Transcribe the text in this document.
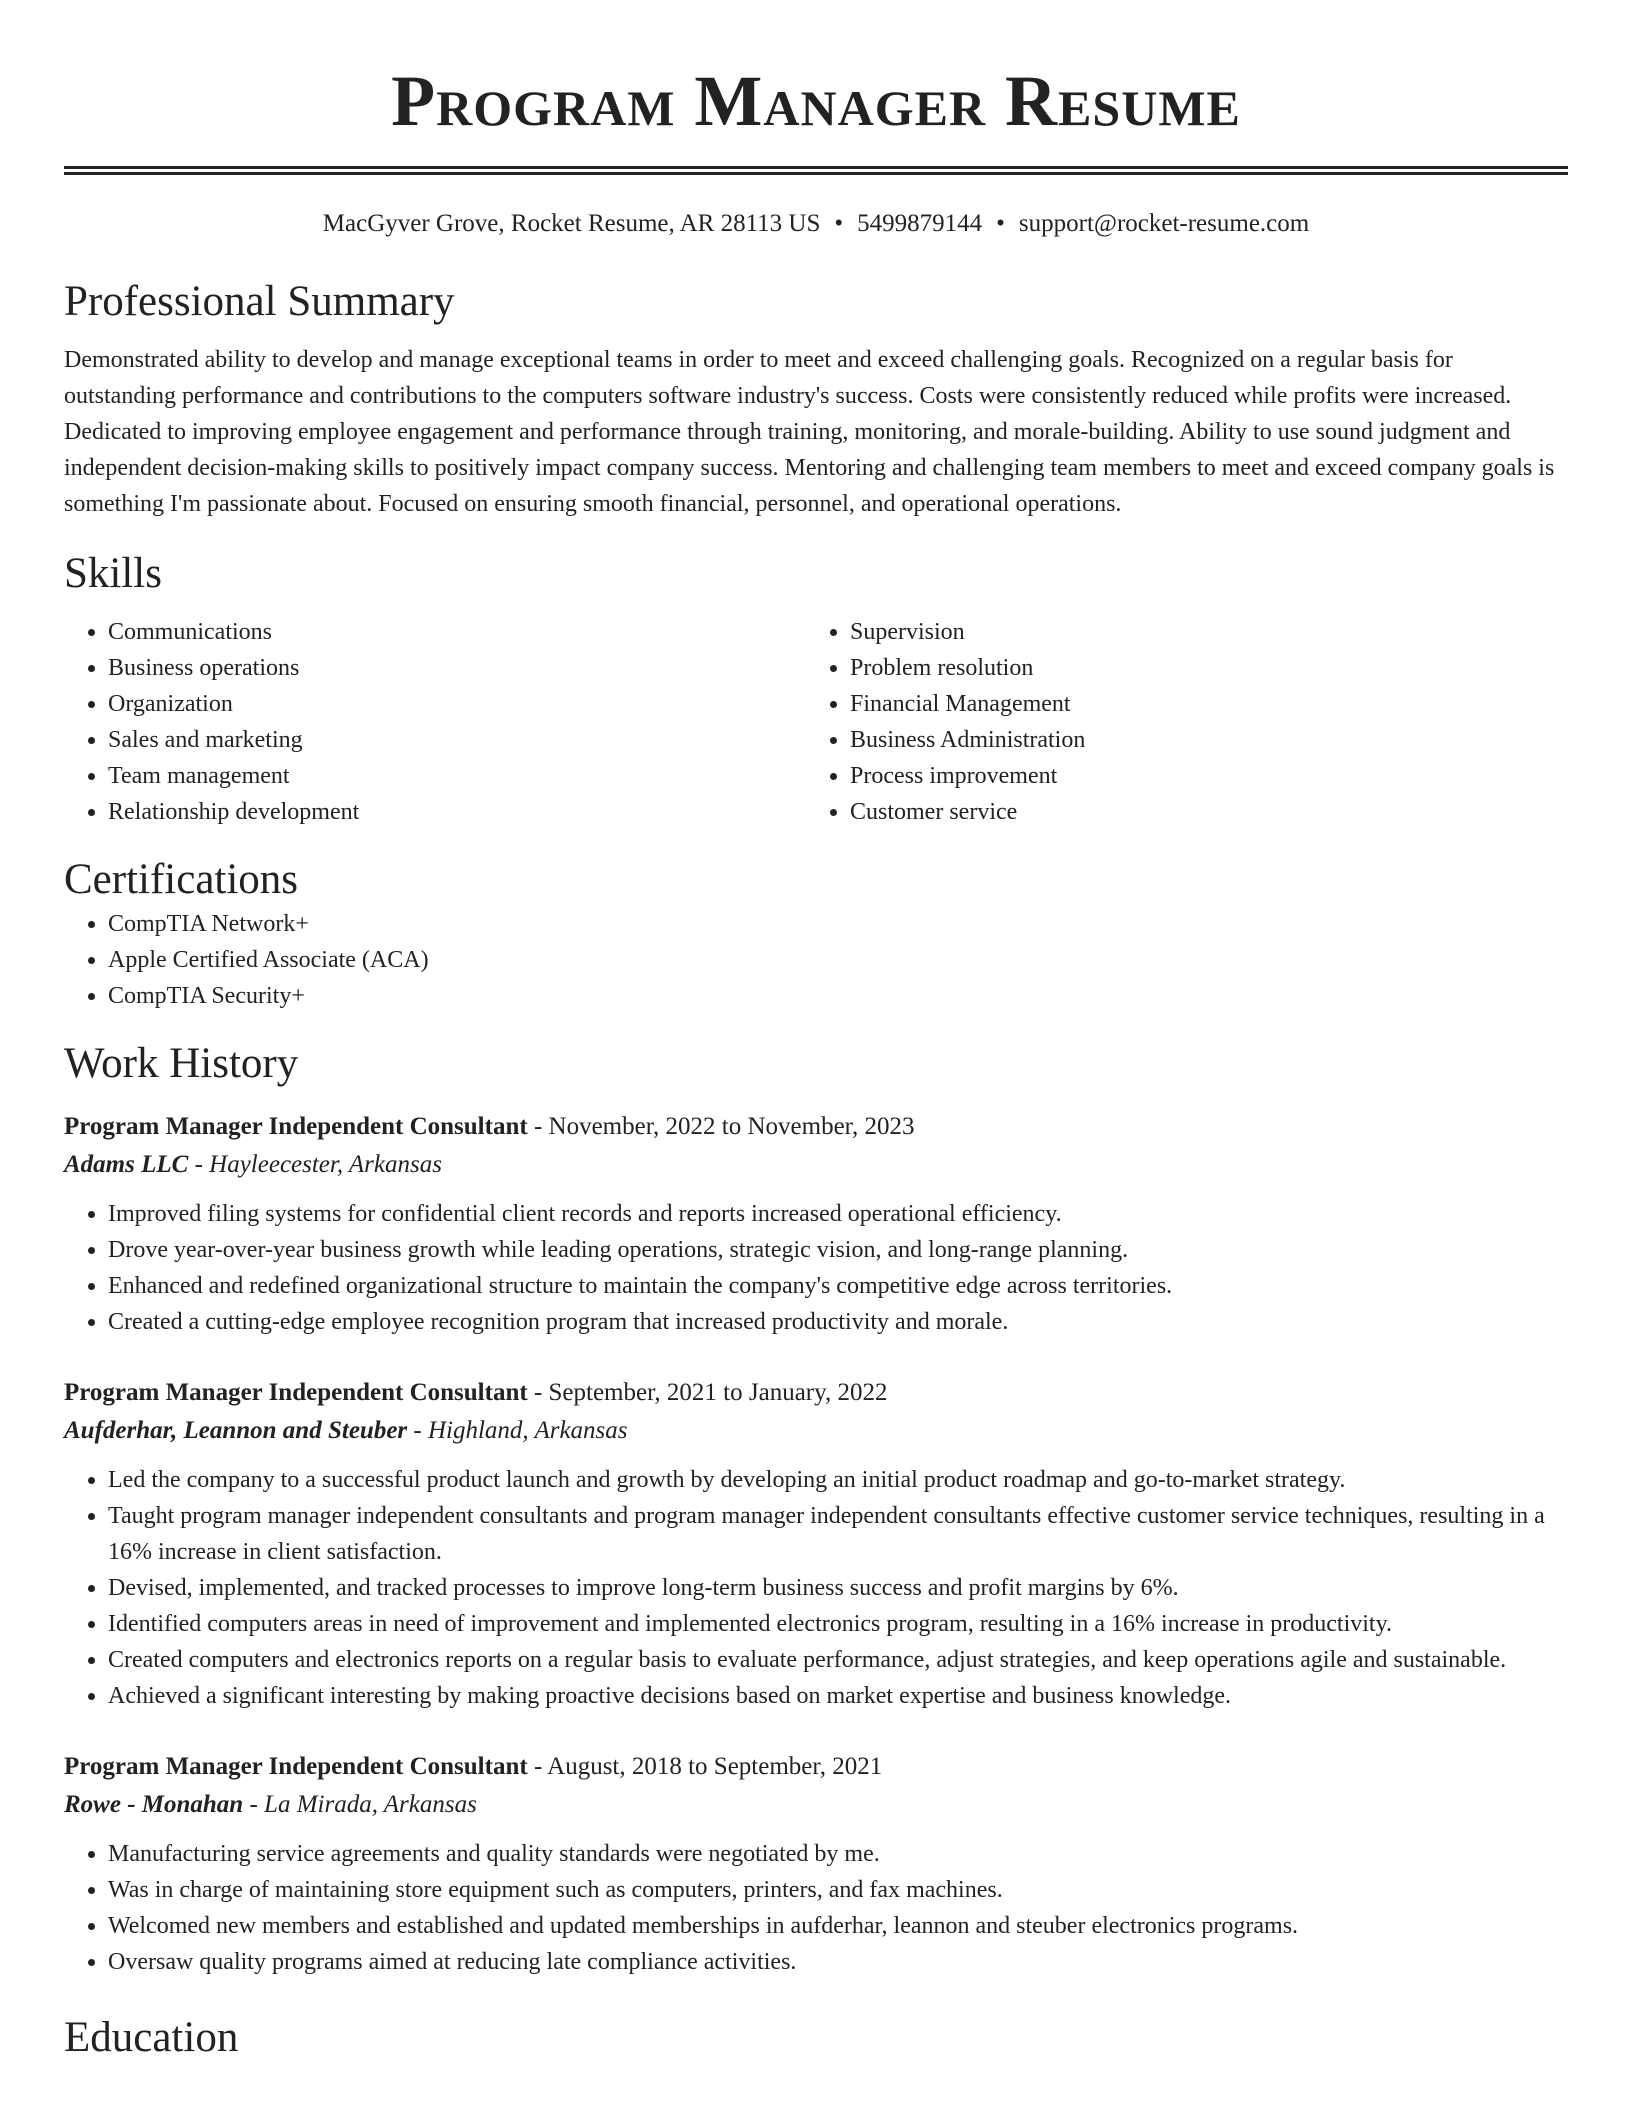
Program Manager Resume
MacGyver Grove, Rocket Resume, AR 28113 US • 5499879144 • support@rocket-resume.com
Professional Summary

Demonstrated ability to develop and manage exceptional teams in order to meet and exceed challenging goals. Recognized on a regular basis for outstanding performance and contributions to the computers software industry's success. Costs were consistently reduced while profits were increased. Dedicated to improving employee engagement and performance through training, monitoring, and morale-building. Ability to use sound judgment and independent decision-making skills to positively impact company success. Mentoring and challenging team members to meet and exceed company goals is something I'm passionate about. Focused on ensuring smooth financial, personnel, and operational operations.

Skills
• Communications
• Business operations
• Organization
• Sales and marketing
• Team management
• Relationship development
• Supervision
• Problem resolution
• Financial Management
• Business Administration
• Process improvement
• Customer service
Certifications
• CompTIA Network+
• Apple Certified Associate (ACA)
• CompTIA Security+
Work History
Program Manager Independent Consultant - November, 2022 to November, 2023
Adams LLC - Hayleecester, Arkansas
• Improved filing systems for confidential client records and reports increased operational efficiency.
• Drove year-over-year business growth while leading operations, strategic vision, and long-range planning.
• Enhanced and redefined organizational structure to maintain the company's competitive edge across territories.
• Created a cutting-edge employee recognition program that increased productivity and morale.
Program Manager Independent Consultant - September, 2021 to January, 2022
Aufderhar, Leannon and Steuber - Highland, Arkansas
• Led the company to a successful product launch and growth by developing an initial product roadmap and go-to-market strategy.
• Taught program manager independent consultants and program manager independent consultants effective customer service techniques, resulting in a 16% increase in client satisfaction.
• Devised, implemented, and tracked processes to improve long-term business success and profit margins by 6%.
• Identified computers areas in need of improvement and implemented electronics program, resulting in a 16% increase in productivity.
• Created computers and electronics reports on a regular basis to evaluate performance, adjust strategies, and keep operations agile and sustainable.
• Achieved a significant interesting by making proactive decisions based on market expertise and business knowledge.
Program Manager Independent Consultant - August, 2018 to September, 2021
Rowe - Monahan - La Mirada, Arkansas
• Manufacturing service agreements and quality standards were negotiated by me.
• Was in charge of maintaining store equipment such as computers, printers, and fax machines.
• Welcomed new members and established and updated memberships in aufderhar, leannon and steuber electronics programs.
• Oversaw quality programs aimed at reducing late compliance activities.
Education
